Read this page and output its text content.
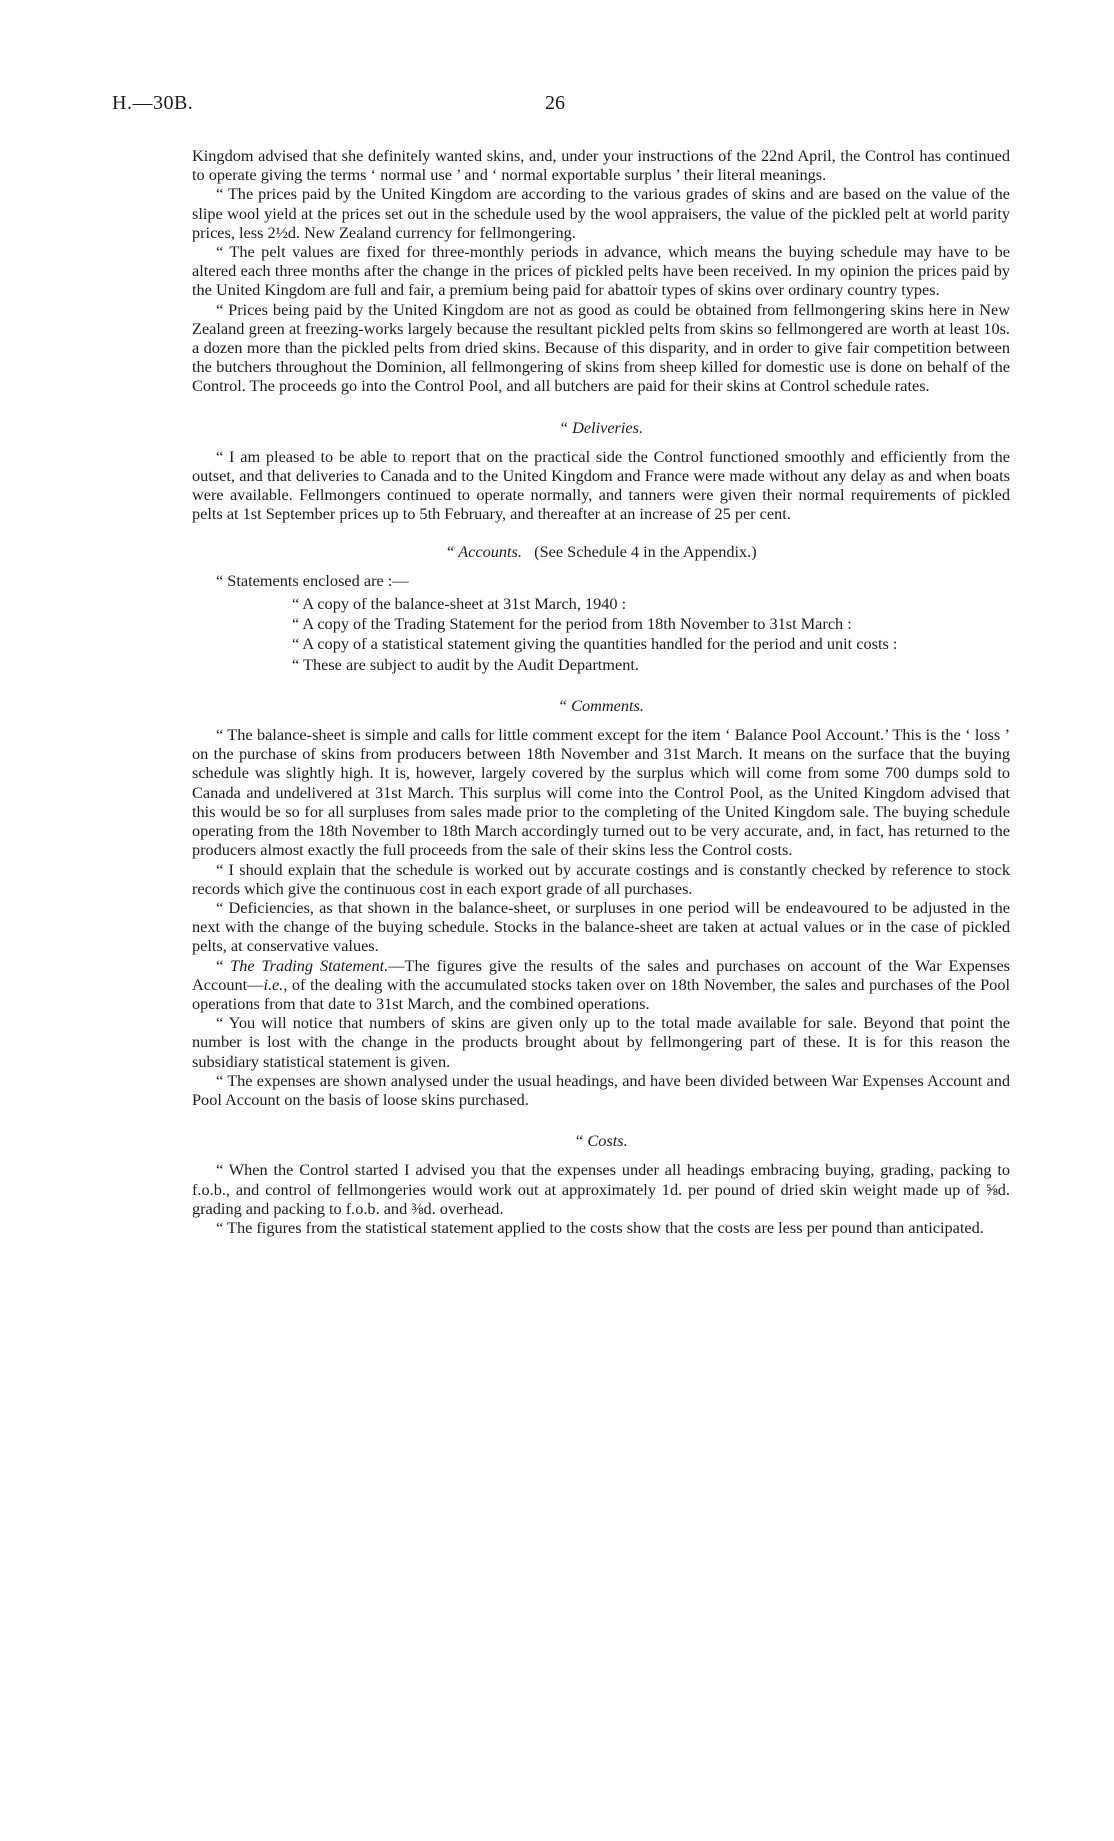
H.—30B.	26

Kingdom advised that she definitely wanted skins, and, under your instructions of the 22nd April, the Control has continued to operate giving the terms ‘ normal use ’ and ‘ normal exportable surplus ’ their literal meanings.

“ The prices paid by the United Kingdom are according to the various grades of skins and are based on the value of the slipe wool yield at the prices set out in the schedule used by the wool appraisers, the value of the pickled pelt at world parity prices, less 2½d. New Zealand currency for fellmongering.

“ The pelt values are fixed for three-monthly periods in advance, which means the buying schedule may have to be altered each three months after the change in the prices of pickled pelts have been received. In my opinion the prices paid by the United Kingdom are full and fair, a premium being paid for abattoir types of skins over ordinary country types.

“ Prices being paid by the United Kingdom are not as good as could be obtained from fellmongering skins here in New Zealand green at freezing-works largely because the resultant pickled pelts from skins so fellmongered are worth at least 10s. a dozen more than the pickled pelts from dried skins. Because of this disparity, and in order to give fair competition between the butchers throughout the Dominion, all fellmongering of skins from sheep killed for domestic use is done on behalf of the Control. The proceeds go into the Control Pool, and all butchers are paid for their skins at Control schedule rates.

“ Deliveries.

“ I am pleased to be able to report that on the practical side the Control functioned smoothly and efficiently from the outset, and that deliveries to Canada and to the United Kingdom and France were made without any delay as and when boats were available. Fellmongers continued to operate normally, and tanners were given their normal requirements of pickled pelts at 1st September prices up to 5th February, and thereafter at an increase of 25 per cent.

“ Accounts. (See Schedule 4 in the Appendix.)

“ Statements enclosed are :—

“ A copy of the balance-sheet at 31st March, 1940 :
“ A copy of the Trading Statement for the period from 18th November to 31st March :
“ A copy of a statistical statement giving the quantities handled for the period and unit costs :
“ These are subject to audit by the Audit Department.
“ Comments.

“ The balance-sheet is simple and calls for little comment except for the item ‘ Balance Pool Account.’ This is the ‘ loss ’ on the purchase of skins from producers between 18th November and 31st March. It means on the surface that the buying schedule was slightly high. It is, however, largely covered by the surplus which will come from some 700 dumps sold to Canada and undelivered at 31st March. This surplus will come into the Control Pool, as the United Kingdom advised that this would be so for all surpluses from sales made prior to the completing of the United Kingdom sale. The buying schedule operating from the 18th November to 18th March accordingly turned out to be very accurate, and, in fact, has returned to the producers almost exactly the full proceeds from the sale of their skins less the Control costs.

“ I should explain that the schedule is worked out by accurate costings and is constantly checked by reference to stock records which give the continuous cost in each export grade of all purchases.

“ Deficiencies, as that shown in the balance-sheet, or surpluses in one period will be endeavoured to be adjusted in the next with the change of the buying schedule. Stocks in the balance-sheet are taken at actual values or in the case of pickled pelts, at conservative values.

“ The Trading Statement.—The figures give the results of the sales and purchases on account of the War Expenses Account—i.e., of the dealing with the accumulated stocks taken over on 18th November, the sales and purchases of the Pool operations from that date to 31st March, and the combined operations.

“ You will notice that numbers of skins are given only up to the total made available for sale. Beyond that point the number is lost with the change in the products brought about by fellmongering part of these. It is for this reason the subsidiary statistical statement is given.

“ The expenses are shown analysed under the usual headings, and have been divided between War Expenses Account and Pool Account on the basis of loose skins purchased.

“ Costs.

“ When the Control started I advised you that the expenses under all headings embracing buying, grading, packing to f.o.b., and control of fellmongeries would work out at approximately 1d. per pound of dried skin weight made up of ⅝d. grading and packing to f.o.b. and ⅜d. overhead.

“ The figures from the statistical statement applied to the costs show that the costs are less per pound than anticipated.
